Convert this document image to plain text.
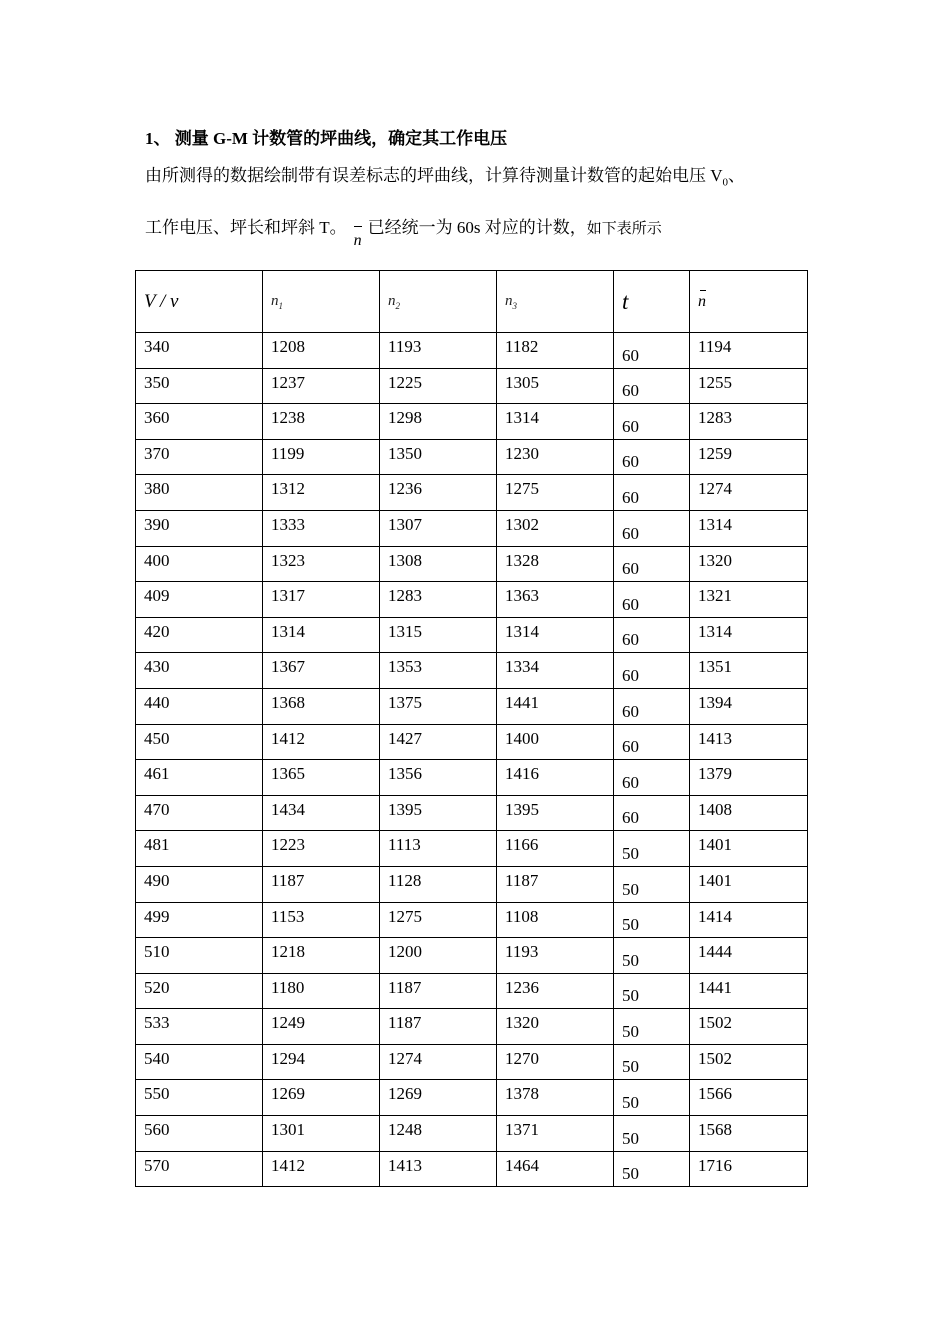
1、 测量 G-M 计数管的坪曲线，确定其工作电压
由所测得的数据绘制带有误差标志的坪曲线，计算待测量计数管的起始电压 $V_0$、
工作电压、坪长和坪斜 T。n已经统一为 60s 对应的计数，如下表所示
V / v	$n_1$	$n_2$	$n_3$	t	n
340	1208	1193	1182	60	1194
350	1237	1225	1305	60	1255
360	1238	1298	1314	60	1283
370	1199	1350	1230	60	1259
380	1312	1236	1275	60	1274
390	1333	1307	1302	60	1314
400	1323	1308	1328	60	1320
409	1317	1283	1363	60	1321
420	1314	1315	1314	60	1314
430	1367	1353	1334	60	1351
440	1368	1375	1441	60	1394
450	1412	1427	1400	60	1413
461	1365	1356	1416	60	1379
470	1434	1395	1395	60	1408
481	1223	1113	1166	50	1401
490	1187	1128	1187	50	1401
499	1153	1275	1108	50	1414
510	1218	1200	1193	50	1444
520	1180	1187	1236	50	1441
533	1249	1187	1320	50	1502
540	1294	1274	1270	50	1502
550	1269	1269	1378	50	1566
560	1301	1248	1371	50	1568
570	1412	1413	1464	50	1716
